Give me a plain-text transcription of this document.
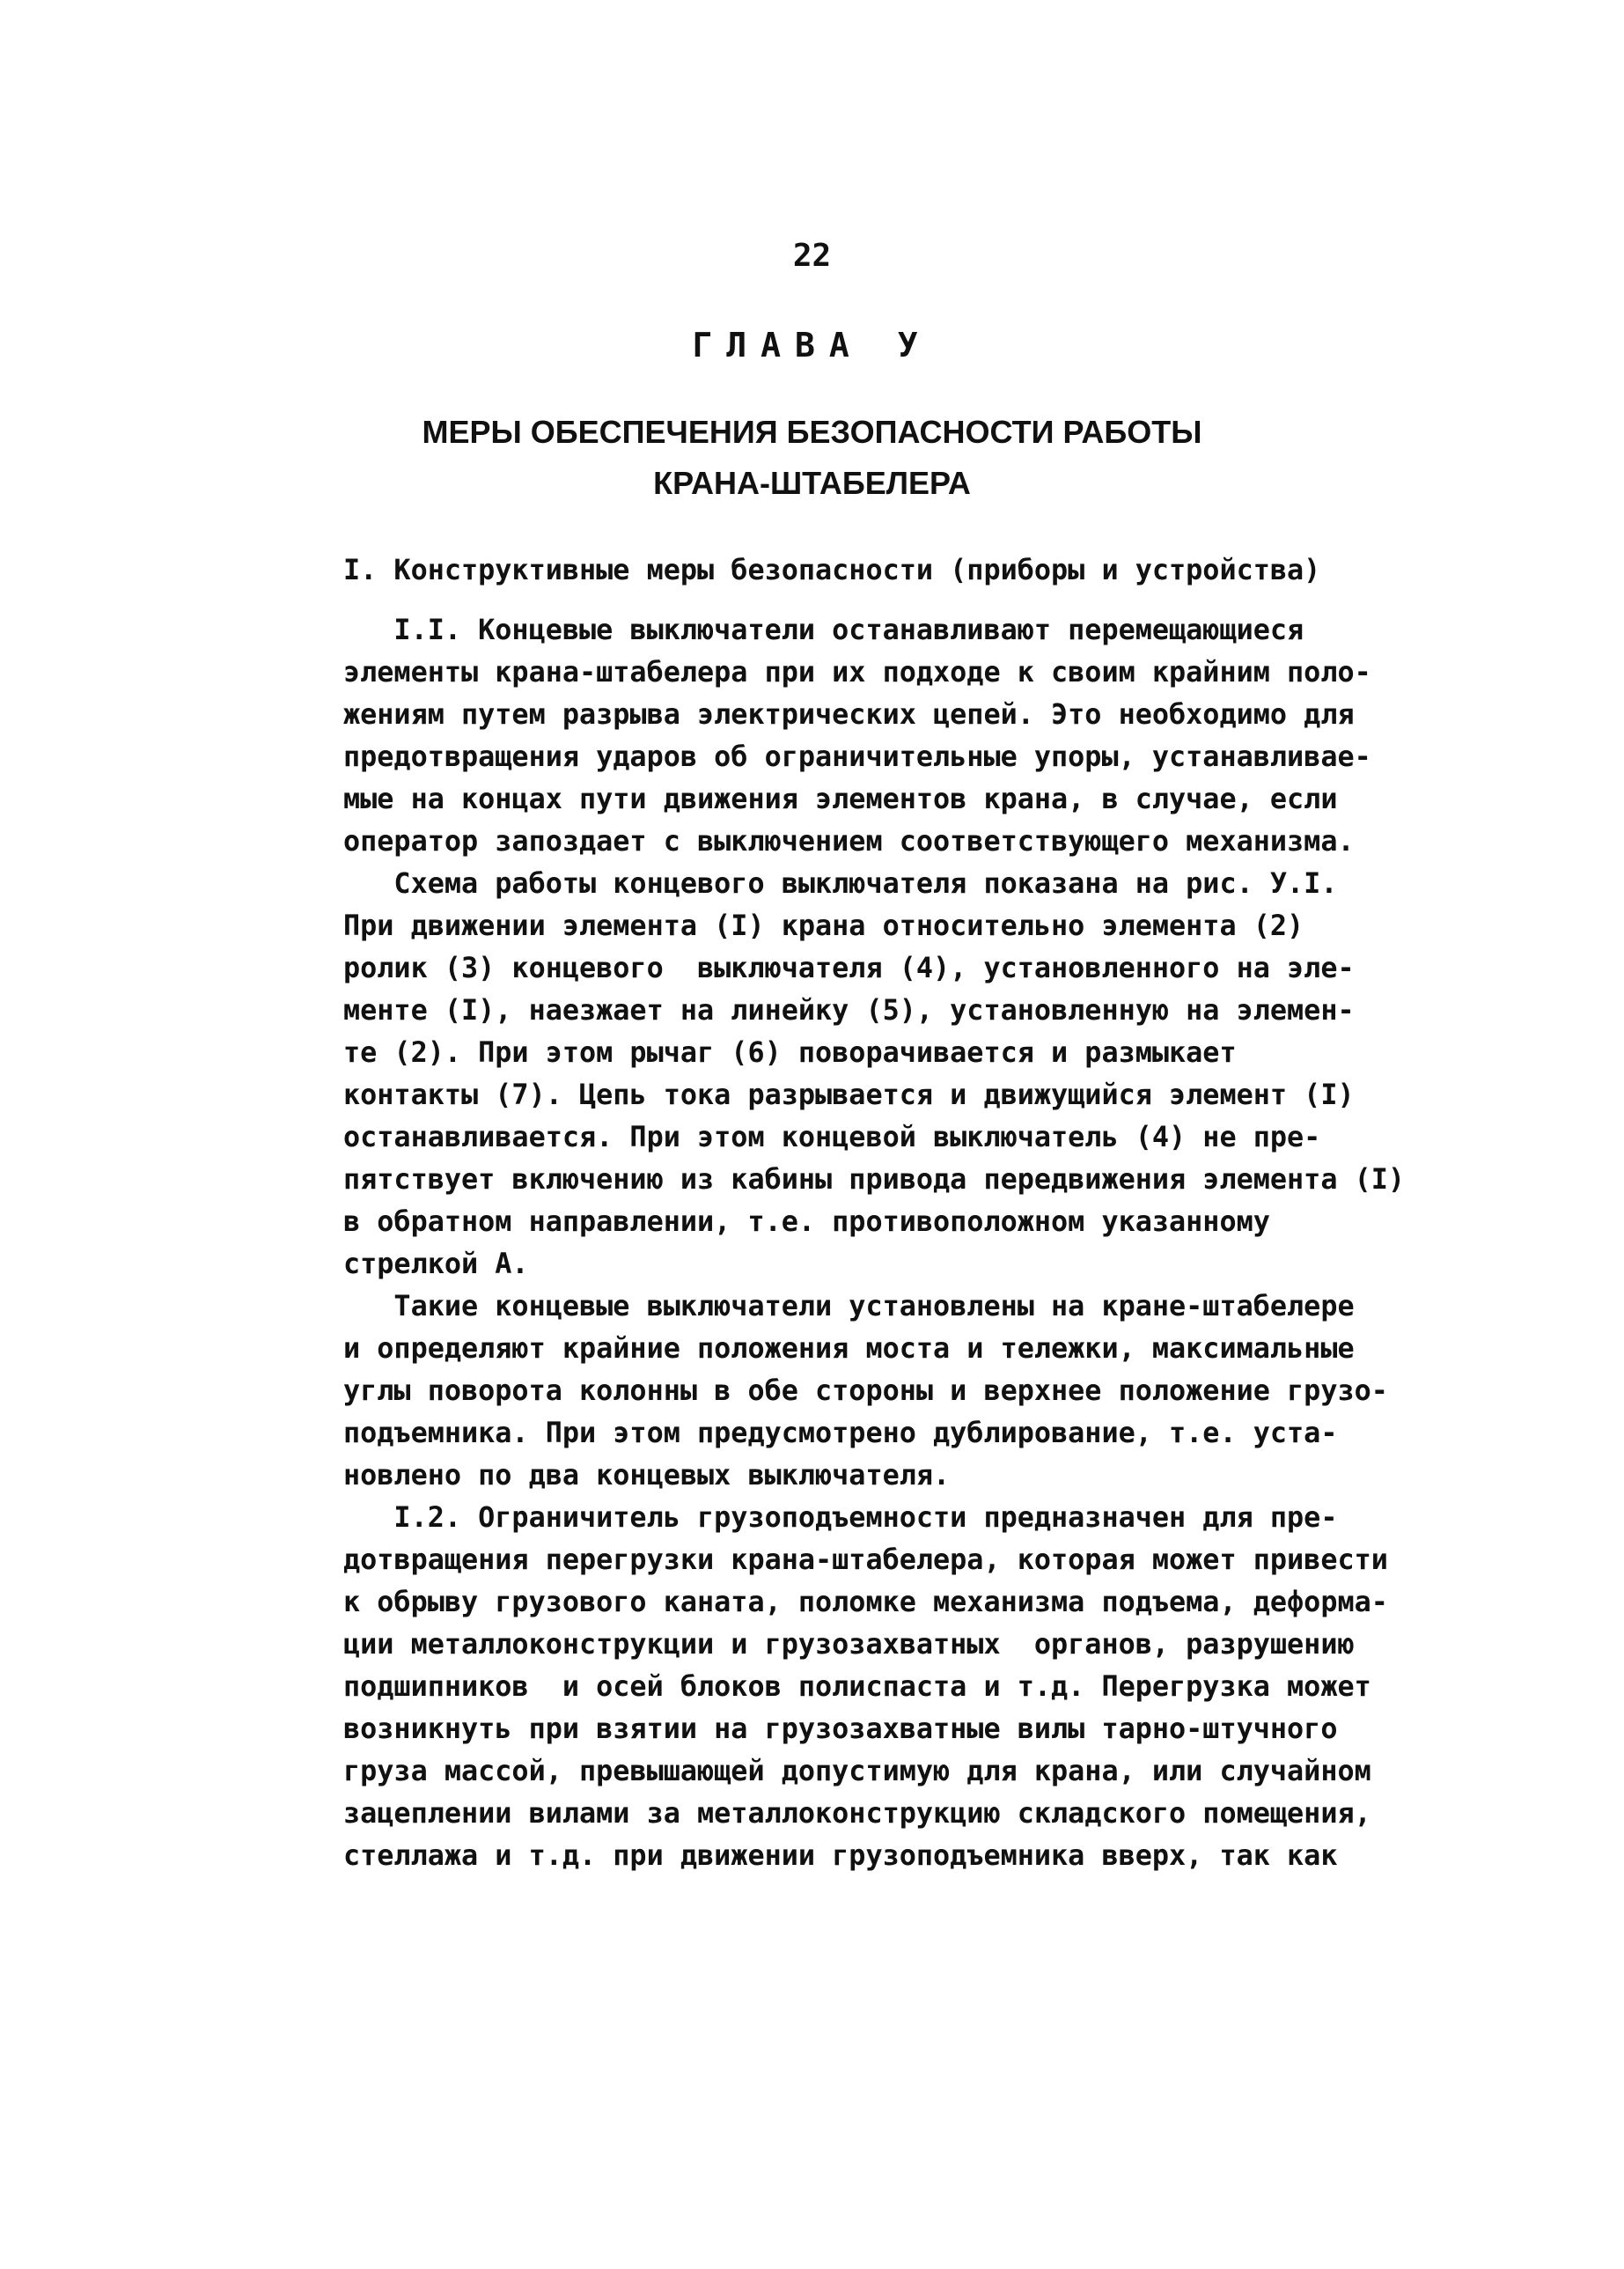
22
ГЛАВА У
МЕРЫ ОБЕСПЕЧЕНИЯ БЕЗОПАСНОСТИ РАБОТЫ
КРАНА-ШТАБЕЛЕРА
I. Конструктивные меры безопасности (приборы и устройства)
I.I. Концевые выключатели останавливают перемещающиеся
элементы крана-штабелера при их подходе к своим крайним поло-
жениям путем разрыва электрических цепей. Это необходимо для
предотвращения ударов об ограничительные упоры, устанавливае-
мые на концах пути движения элементов крана, в случае, если
оператор запоздает с выключением соответствующего механизма.
Схема работы концевого выключателя показана на рис. У.I.
При движении элемента (I) крана относительно элемента (2)
ролик (3) концевого  выключателя (4), установленного на эле-
менте (I), наезжает на линейку (5), установленную на элемен-
те (2). При этом рычаг (6) поворачивается и размыкает
контакты (7). Цепь тока разрывается и движущийся элемент (I)
останавливается. При этом концевой выключатель (4) не пре-
пятствует включению из кабины привода передвижения элемента (I)
в обратном направлении, т.е. противоположном указанному
стрелкой А.
Такие концевые выключатели установлены на кране-штабелере
и определяют крайние положения моста и тележки, максимальные
углы поворота колонны в обе стороны и верхнее положение грузо-
подъемника. При этом предусмотрено дублирование, т.е. уста-
новлено по два концевых выключателя.
I.2. Ограничитель грузоподъемности предназначен для пре-
дотвращения перегрузки крана-штабелера, которая может привести
к обрыву грузового каната, поломке механизма подъема, деформа-
ции металлоконструкции и грузозахватных  органов, разрушению
подшипников  и осей блоков полиспаста и т.д. Перегрузка может
возникнуть при взятии на грузозахватные вилы тарно-штучного
груза массой, превышающей допустимую для крана, или случайном
зацеплении вилами за металлоконструкцию складского помещения,
стеллажа и т.д. при движении грузоподъемника вверх, так как
